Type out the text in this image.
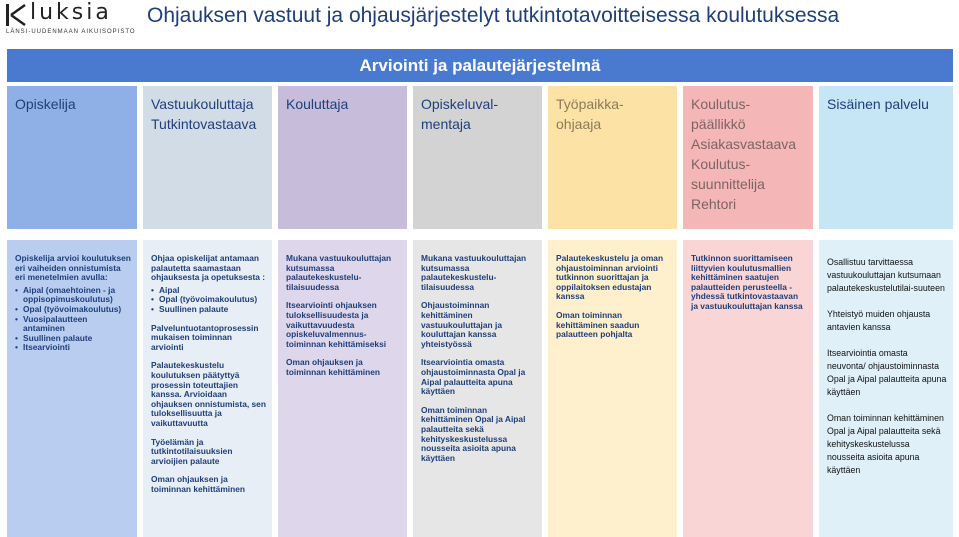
luksia
LÄNSI-UUDENMAAN AIKUISOPISTO
Ohjauksen vastuut ja ohjausjärjestelyt tutkintotavoitteisessa koulutuksessa
Arviointi ja palautejärjestelmä
Opiskelija	Vastuukouluttaja
Tutkintovastaava
Kouluttaja	Opiskeluval-
mentaja
Työpaikka-
ohjaaja
Koulutus-
päällikkö
Asiakasvastaava
Koulutus-
suunnittelija
Rehtori
Sisäinen palvelu

Opiskelija arvioi koulutuksen eri vaiheiden onnistumista eri menetelmien avulla:

• Aipal (omaehtoinen - ja oppisopimuskoulutus)
• Opal (työvoimakoulutus)
• Vuosipalautteen antaminen
• Suullinen palaute
• Itsearviointi

Ohjaa opiskelijat antamaan palautetta saamastaan ohjauksesta ja opetuksesta :

• Aipal
• Opal (työvoimakoulutus)
• Suullinen palaute

Palveluntuotantoprosessin mukaisen toiminnan arviointi

Palautekeskustelu koulutuksen päätyttyä prosessin toteuttajien kanssa. Arvioidaan ohjauksen onnistumista, sen tuloksellisuutta ja vaikuttavuutta

Työelämän ja tutkintotilaisuuksien arvioijien palaute

Oman ohjauksen ja toiminnan kehittäminen

Mukana vastuukouluttajan kutsumassa palautekeskustelu-tilaisuudessa

Itsearviointi ohjauksen tuloksellisuudesta ja vaikuttavuudesta opiskeluvalmennus-toiminnan kehittämiseksi

Oman ohjauksen ja toiminnan kehittäminen

Mukana vastuukouluttajan kutsumassa palautekeskustelu-tilaisuudessa

Ohjaustoiminnan kehittäminen vastuukouluttajan ja kouluttajan kanssa yhteistyössä

Itsearviointia omasta ohjaustoiminnasta Opal ja Aipal palautteita apuna käyttäen

Oman toiminnan kehittäminen Opal ja Aipal palautteita sekä kehityskeskustelussa nousseita asioita apuna käyttäen

Palautekeskustelu ja oman ohjaustoiminnan arviointi tutkinnon suorittajan ja oppilaitoksen edustajan kanssa

Oman toiminnan kehittäminen saadun palautteen pohjalta

Tutkinnon suorittamiseen liittyvien koulutusmallien kehittäminen saatujen palautteiden perusteella - yhdessä tutkintovastaavan ja vastuukouluttajan kanssa

Osallistuu tarvittaessa vastuukouluttajan kutsumaan palautekeskustelutilai-suuteen

Yhteistyö muiden ohjausta antavien kanssa

Itsearviointia omasta neuvonta/ ohjaustoiminnasta Opal ja Aipal palautteita apuna käyttäen

Oman toiminnan kehittäminen Opal ja Aipal palautteita sekä kehityskeskustelussa nousseita asioita apuna käyttäen
